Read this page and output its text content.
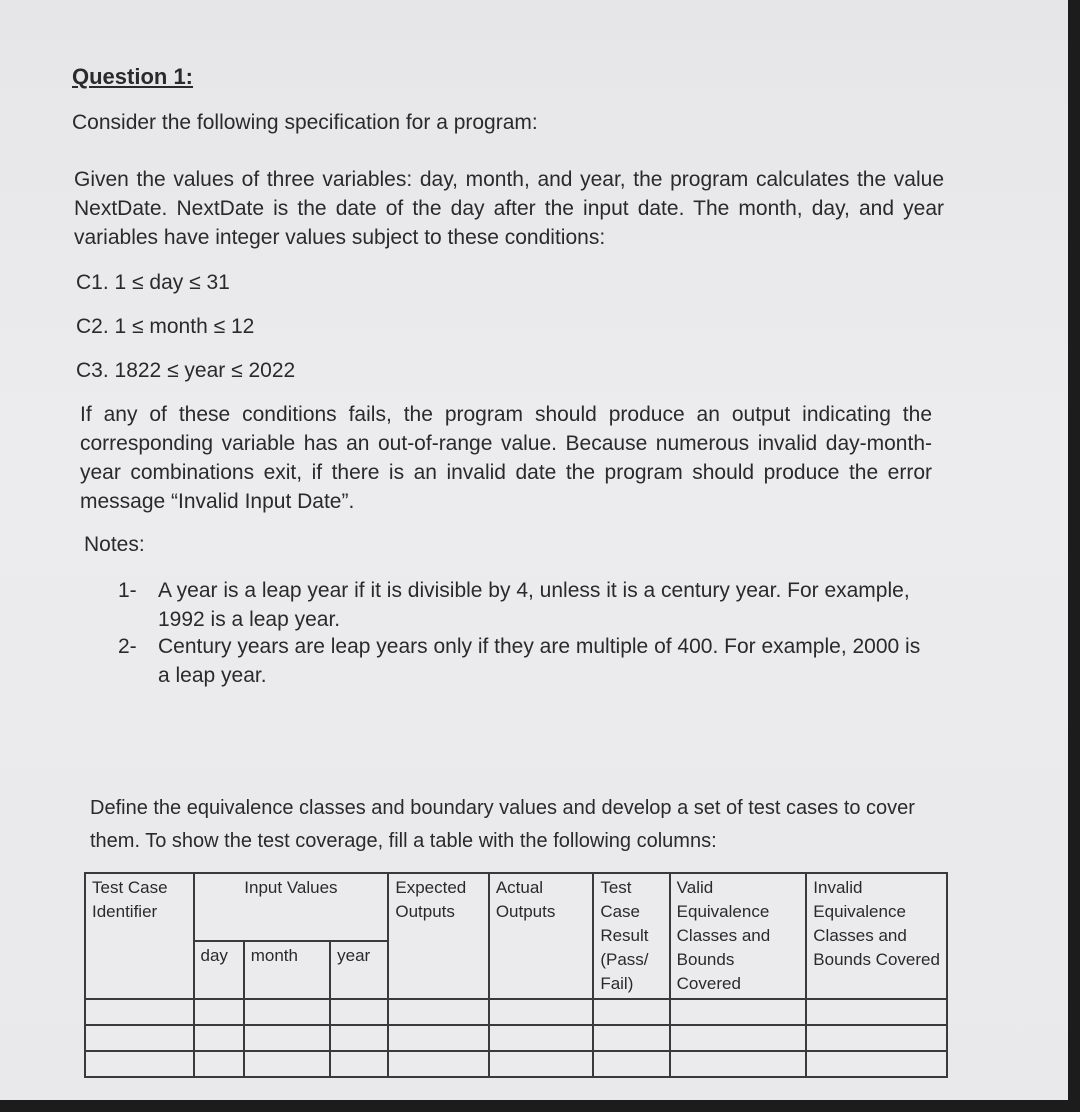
Question 1:
Consider the following specification for a program:
Given the values of three variables: day, month, and year, the program calculates the value NextDate. NextDate is the date of the day after the input date. The month, day, and year variables have integer values subject to these conditions:
C1. 1 ≤ day ≤ 31
C2. 1 ≤ month ≤ 12
C3. 1822 ≤ year ≤ 2022
If any of these conditions fails, the program should produce an output indicating the corresponding variable has an out-of-range value. Because numerous invalid day-month-year combinations exit, if there is an invalid date the program should produce the error message “Invalid Input Date”.
Notes:
1- A year is a leap year if it is divisible by 4, unless it is a century year. For example, 1992 is a leap year.
2- Century years are leap years only if they are multiple of 400. For example, 2000 is a leap year.
Define the equivalence classes and boundary values and develop a set of test cases to cover them. To show the test coverage, fill a table with the following columns:
Test Case Identifier	Input Values			Expected Outputs	Actual Outputs	Test Case Result (Pass/ Fail)	Valid Equivalence Classes and Bounds Covered	Invalid Equivalence Classes and Bounds Covered
	day	month	year					
